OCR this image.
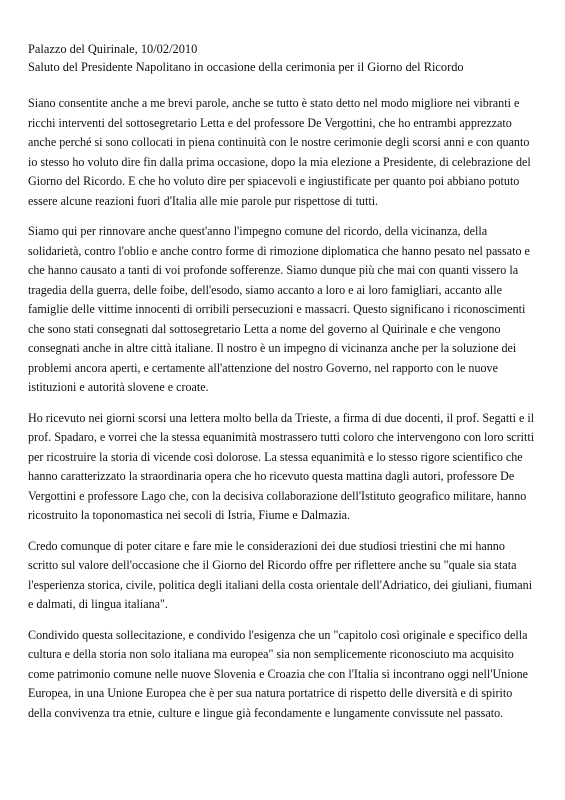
Palazzo del Quirinale, 10/02/2010

Saluto del Presidente Napolitano in occasione della cerimonia per il Giorno del Ricordo

Siano consentite anche a me brevi parole, anche se tutto è stato detto nel modo migliore nei vibranti e ricchi interventi del sottosegretario Letta e del professore De Vergottini, che ho entrambi apprezzato anche perché si sono collocati in piena continuità con le nostre cerimonie degli scorsi anni e con quanto io stesso ho voluto dire fin dalla prima occasione, dopo la mia elezione a Presidente, di celebrazione del Giorno del Ricordo. E che ho voluto dire per spiacevoli e ingiustificate per quanto poi abbiano potuto essere alcune reazioni fuori d'Italia alle mie parole pur rispettose di tutti.

Siamo qui per rinnovare anche quest'anno l'impegno comune del ricordo, della vicinanza, della solidarietà, contro l'oblio e anche contro forme di rimozione diplomatica che hanno pesato nel passato e che hanno causato a tanti di voi profonde sofferenze. Siamo dunque più che mai con quanti vissero la tragedia della guerra, delle foibe, dell'esodo, siamo accanto a loro e ai loro famigliari, accanto alle famiglie delle vittime innocenti di orribili persecuzioni e massacri. Questo significano i riconoscimenti che sono stati consegnati dal sottosegretario Letta a nome del governo al Quirinale e che vengono consegnati anche in altre città italiane. Il nostro è un impegno di vicinanza anche per la soluzione dei problemi ancora aperti, e certamente all'attenzione del nostro Governo, nel rapporto con le nuove istituzioni e autorità slovene e croate.

Ho ricevuto nei giorni scorsi una lettera molto bella da Trieste, a firma di due docenti, il prof. Segatti e il prof. Spadaro, e vorrei che la stessa equanimità mostrassero tutti coloro che intervengono con loro scritti per ricostruire la storia di vicende così dolorose. La stessa equanimità e lo stesso rigore scientifico che hanno caratterizzato la straordinaria opera che ho ricevuto questa mattina dagli autori, professore De Vergottini e professore Lago che, con la decisiva collaborazione dell'Istituto geografico militare, hanno ricostruito la toponomastica nei secoli di Istria, Fiume e Dalmazia.

Credo comunque di poter citare e fare mie le considerazioni dei due studiosi triestini che mi hanno scritto sul valore dell'occasione che il Giorno del Ricordo offre per riflettere anche su "quale sia stata l'esperienza storica, civile, politica degli italiani della costa orientale dell'Adriatico, dei giuliani, fiumani e dalmati, di lingua italiana".

Condivido questa sollecitazione, e condivido l'esigenza che un "capitolo così originale e specifico della cultura e della storia non solo italiana ma europea" sia non semplicemente riconosciuto ma acquisito come patrimonio comune nelle nuove Slovenia e Croazia che con l'Italia si incontrano oggi nell'Unione Europea, in una Unione Europea che è per sua natura portatrice di rispetto delle diversità e di spirito della convivenza tra etnie, culture e lingue già fecondamente e lungamente convissute nel passato.
